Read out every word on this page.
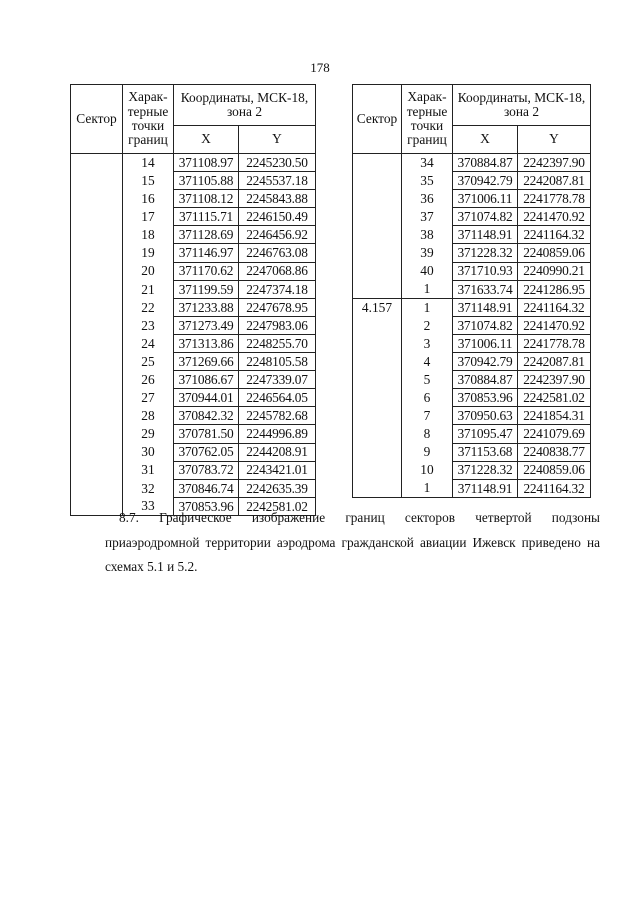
178
Сектор	Харак-терные точки границ	Координаты, МСК-18, зона 2	
		X	Y
	14	371108.97	2245230.50
	15	371105.88	2245537.18
	16	371108.12	2245843.88
	17	371115.71	2246150.49
	18	371128.69	2246456.92
	19	371146.97	2246763.08
	20	371170.62	2247068.86
	21	371199.59	2247374.18
	22	371233.88	2247678.95
	23	371273.49	2247983.06
	24	371313.86	2248255.70
	25	371269.66	2248105.58
	26	371086.67	2247339.07
	27	370944.01	2246564.05
	28	370842.32	2245782.68
	29	370781.50	2244996.89
	30	370762.05	2244208.91
	31	370783.72	2243421.01
	32	370846.74	2242635.39
	33	370853.96	2242581.02
Сектор	Харак-терные точки границ	Координаты, МСК-18, зона 2	
		X	Y
	34	370884.87	2242397.90
	35	370942.79	2242087.81
	36	371006.11	2241778.78
	37	371074.82	2241470.92
	38	371148.91	2241164.32
	39	371228.32	2240859.06
	40	371710.93	2240990.21
	1	371633.74	2241286.95
4.157	1	371148.91	2241164.32
	2	371074.82	2241470.92
	3	371006.11	2241778.78
	4	370942.79	2242087.81
	5	370884.87	2242397.90
	6	370853.96	2242581.02
	7	370950.63	2241854.31
	8	371095.47	2241079.69
	9	371153.68	2240838.77
	10	371228.32	2240859.06
	1	371148.91	2241164.32

8.7. Графическое изображение границ секторов четвертой подзоны
приаэродромной территории аэродрома гражданской авиации Ижевск приведено на схемах 5.1 и 5.2.
